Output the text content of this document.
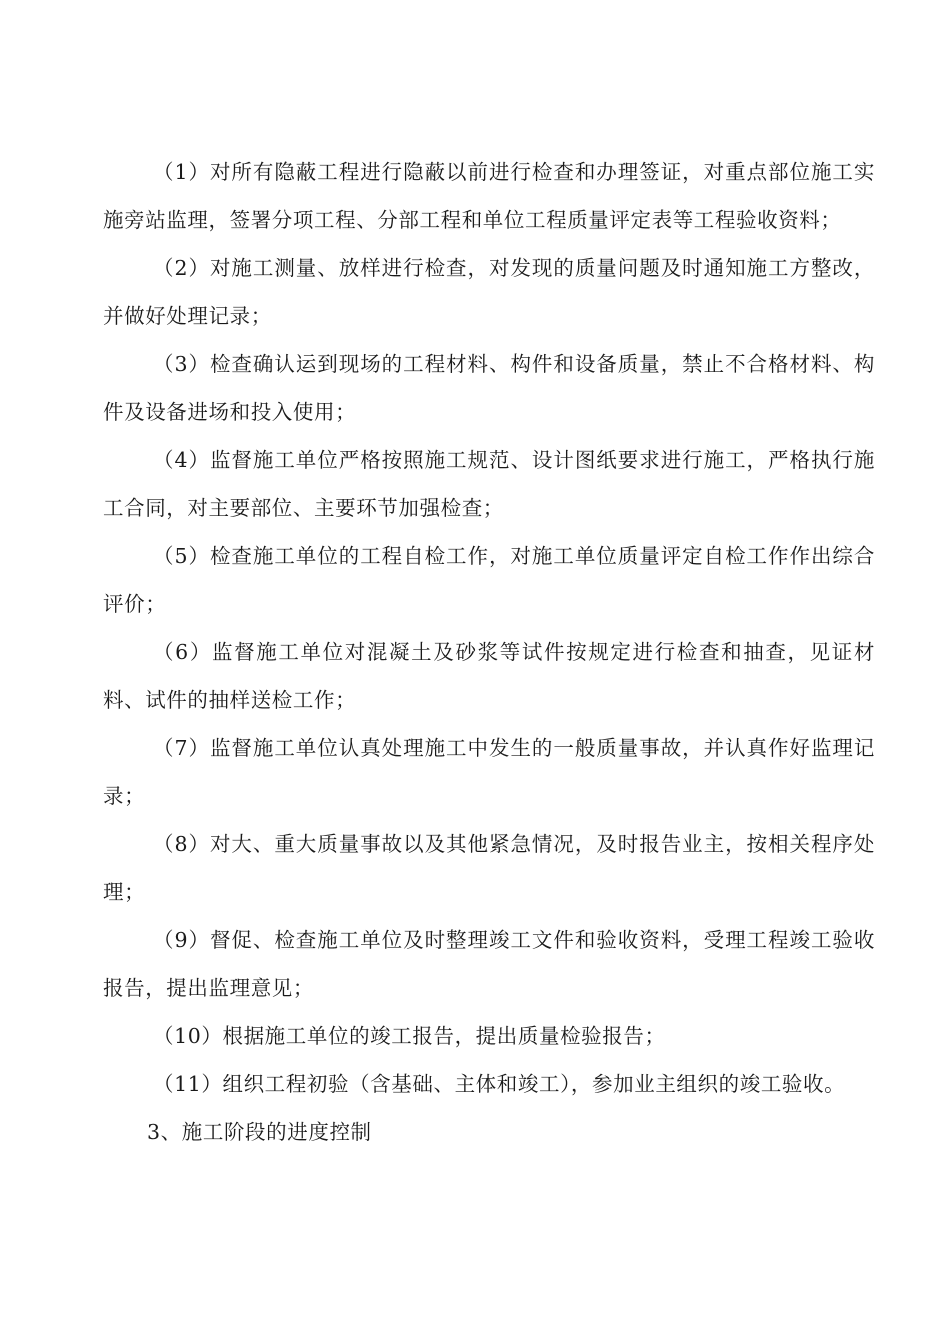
（1）对所有隐蔽工程进行隐蔽以前进行检查和办理签证，对重点部位施工实施旁站监理，签署分项工程、分部工程和单位工程质量评定表等工程验收资料；

（2）对施工测量、放样进行检查，对发现的质量问题及时通知施工方整改，并做好处理记录；

（3）检查确认运到现场的工程材料、构件和设备质量，禁止不合格材料、构件及设备进场和投入使用；

（4）监督施工单位严格按照施工规范、设计图纸要求进行施工，严格执行施工合同，对主要部位、主要环节加强检查；

（5）检查施工单位的工程自检工作，对施工单位质量评定自检工作作出综合评价；

（6）监督施工单位对混凝土及砂浆等试件按规定进行检查和抽查，见证材料、试件的抽样送检工作；

（7）监督施工单位认真处理施工中发生的一般质量事故，并认真作好监理记录；

（8）对大、重大质量事故以及其他紧急情况，及时报告业主，按相关程序处理；

（9）督促、检查施工单位及时整理竣工文件和验收资料，受理工程竣工验收报告，提出监理意见；

（10）根据施工单位的竣工报告，提出质量检验报告；

（11）组织工程初验（含基础、主体和竣工），参加业主组织的竣工验收。

3、施工阶段的进度控制
